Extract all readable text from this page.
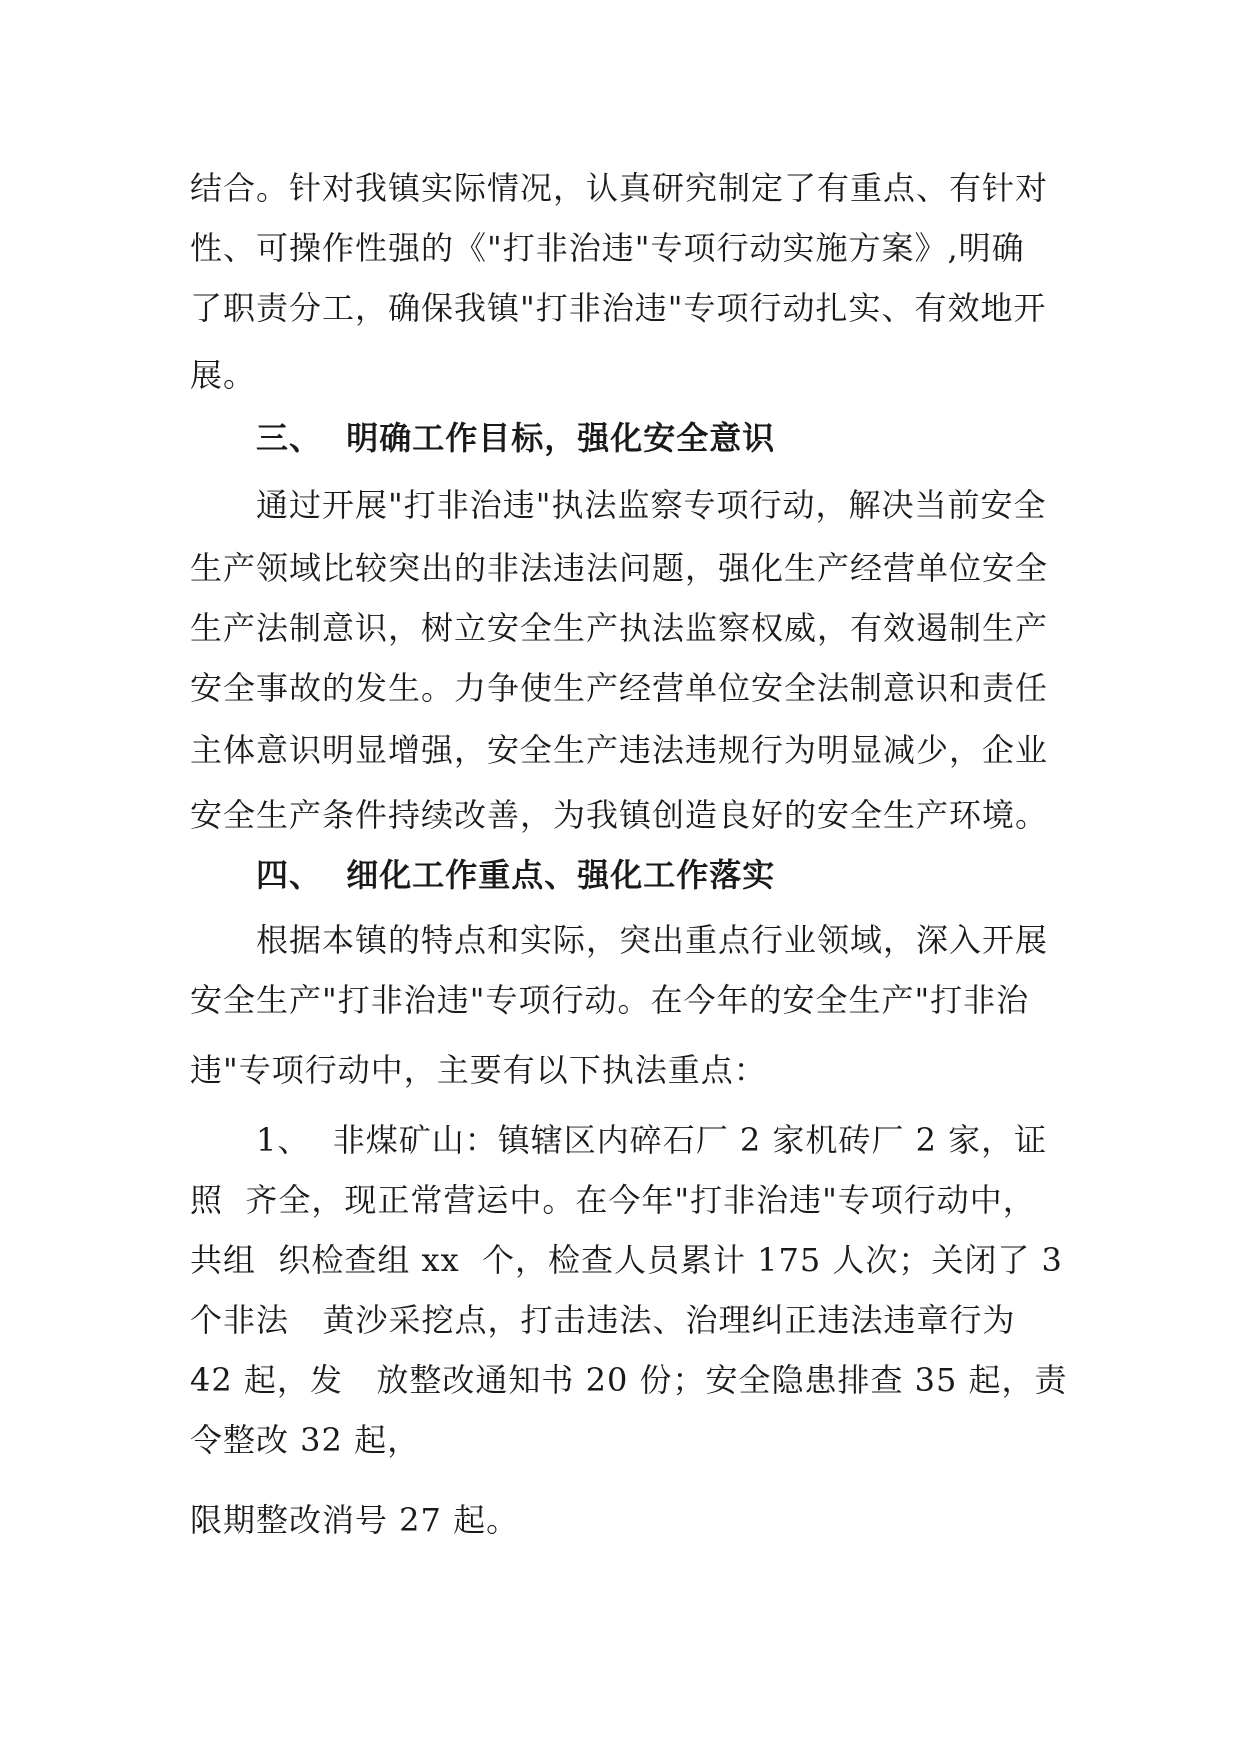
结合。针对我镇实际情况，认真研究制定了有重点、有针对

性、可操作性强的《"打非治违"专项行动实施方案》,明确

了职责分工，确保我镇"打非治违"专项行动扎实、有效地开

展。

三、  明确工作目标，强化安全意识

通过开展"打非治违"执法监察专项行动，解决当前安全

生产领域比较突出的非法违法问题，强化生产经营单位安全

生产法制意识，树立安全生产执法监察权威，有效遏制生产

安全事故的发生。力争使生产经营单位安全法制意识和责任

主体意识明显增强，安全生产违法违规行为明显减少，企业

安全生产条件持续改善，为我镇创造良好的安全生产环境。

四、  细化工作重点、强化工作落实

根据本镇的特点和实际，突出重点行业领域，深入开展

安全生产"打非治违"专项行动。在今年的安全生产"打非治

违"专项行动中，主要有以下执法重点：

1、  非煤矿山：镇辖区内碎石厂 2 家机砖厂 2 家，证

照  齐全，现正常营运中。在今年"打非治违"专项行动中，

共组  织检查组 xx  个，检查人员累计 175 人次；关闭了 3

个非法   黄沙采挖点，打击违法、治理纠正违法违章行为

42 起，发   放整改通知书 20 份；安全隐患排查 35 起，责

令整改 32 起，

限期整改消号 27 起。
